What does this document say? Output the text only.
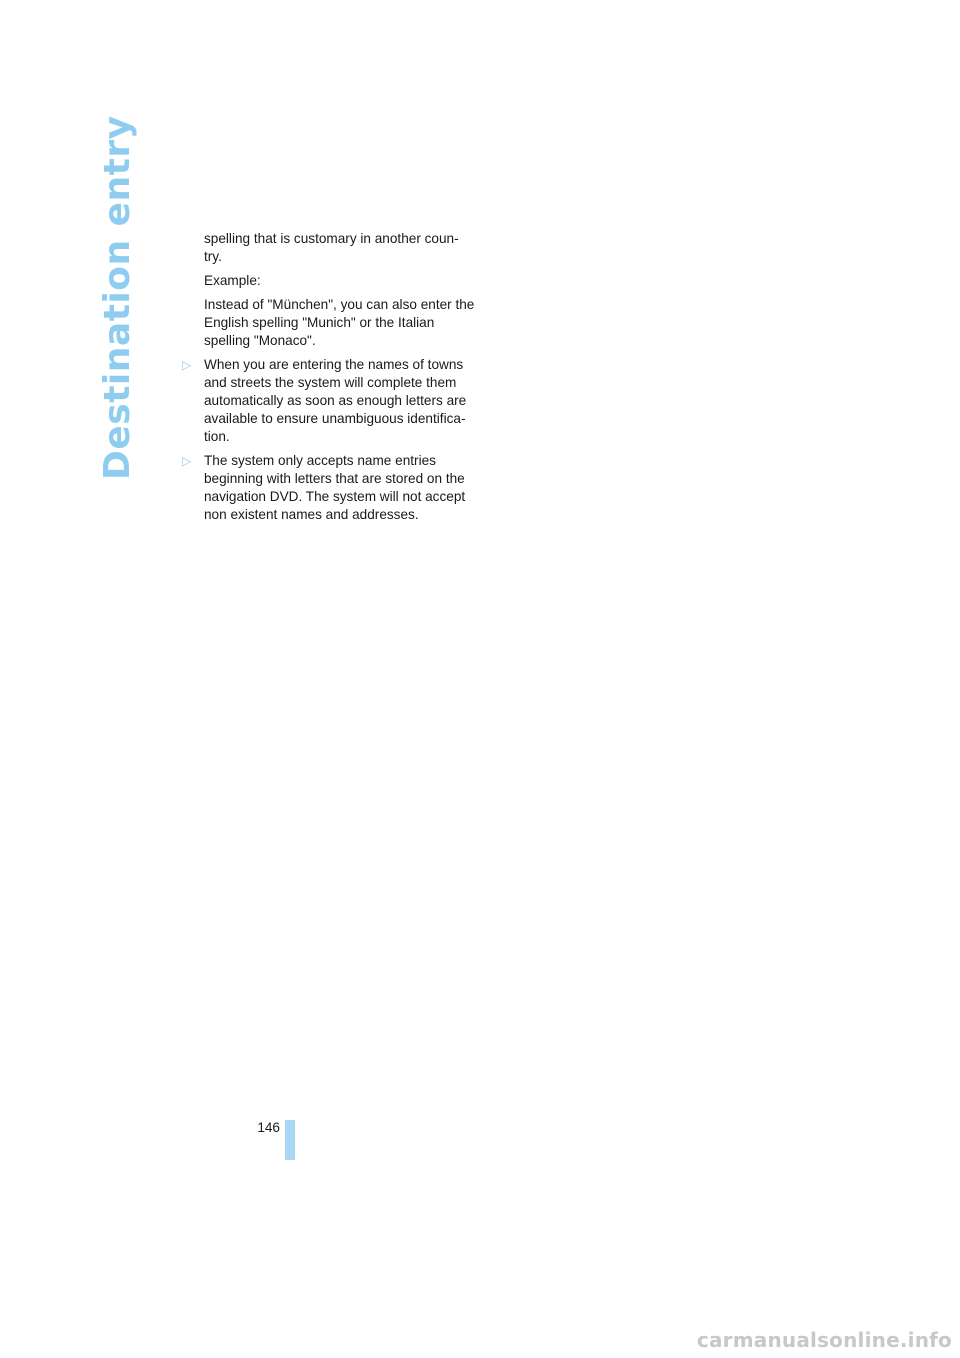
Destination entry	spelling that is customary in another coun-
try.

Example:

Instead of "München", you can also enter the English spelling "Munich" or the Italian spelling "Monaco".

▷ When you are entering the names of towns and streets the system will complete them automatically as soon as enough letters are available to ensure unambiguous identifica-tion.
▷ The system only accepts name entries beginning with letters that are stored on the navigation DVD. The system will not accept non existent names and addresses.
146
carmanualsonline.info
